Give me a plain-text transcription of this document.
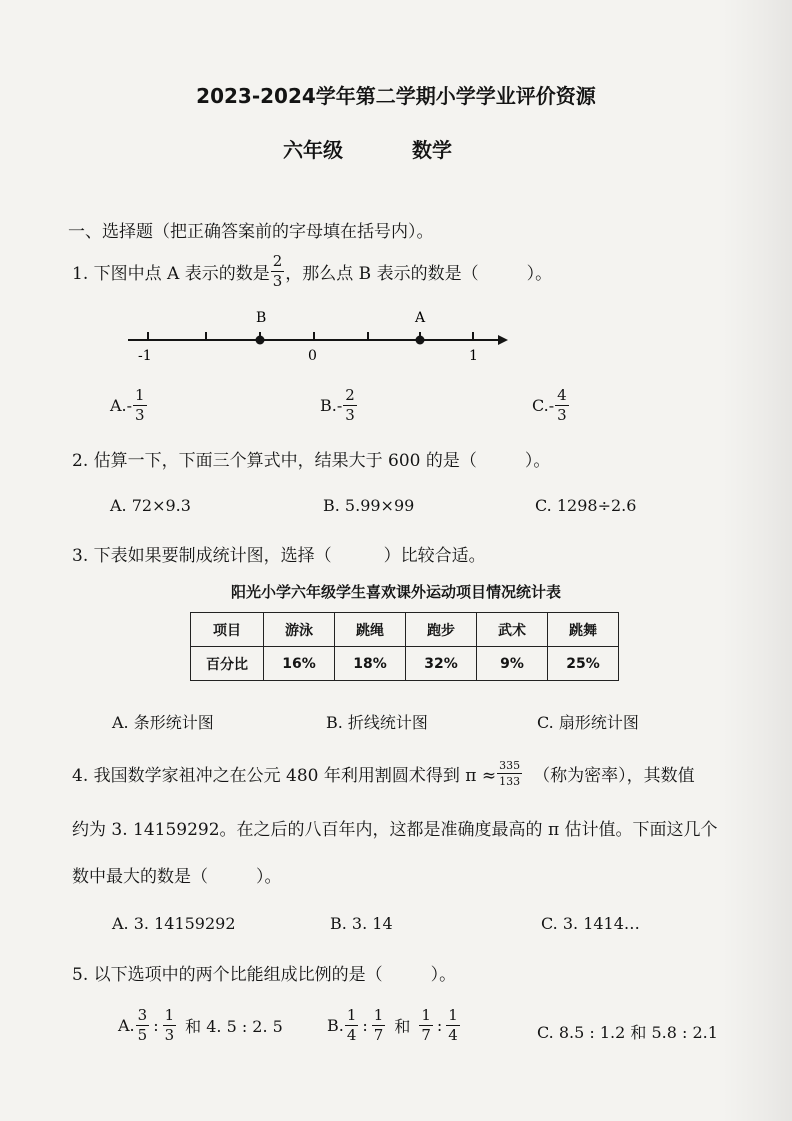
2023-2024学年第二学期小学学业评价资源
六年级	数学
一、选择题（把正确答案前的字母填在括号内）。
1. 下图中点 A 表示的数是 $\frac{2}{3}$ ，那么点 B 表示的数是（	）。
B	A
-1	0	1
A. - $\frac{1}{3}$	B. - $\frac{2}{3}$	C. - $\frac{4}{3}$
2. 估算一下，下面三个算式中，结果大于 600 的是（	）。
A. 72×9.3	B. 5.99×99	C. 1298÷2.6
3. 下表如果要制成统计图，选择（	）比较合适。
阳光小学六年级学生喜欢课外运动项目情况统计表
项目	游泳	跳绳	跑步	武术	跳舞
百分比	16%	18%	32%	9%	25%
A. 条形统计图	B. 折线统计图	C. 扇形统计图
4. 我国数学家祖冲之在公元 480 年利用割圆术得到 $\pi \approx \frac{335}{133}$ （称为密率），其数值
约为 3. 14159292。在之后的八百年内，这都是准确度最高的 π 估计值。下面这几个
数中最大的数是（	）。
A. 3. 14159292	B. 3. 14	C. 3. 1414…
5. 以下选项中的两个比能组成比例的是（	）。
A. $\frac{3}{5}$ : $\frac{1}{3}$ 和 4. 5 : 2. 5	B. $\frac{1}{4}$ : $\frac{1}{7}$ 和 $\frac{1}{7}$ : $\frac{1}{4}$	C. 8.5 : 1.2 和 5.8 : 2.1
